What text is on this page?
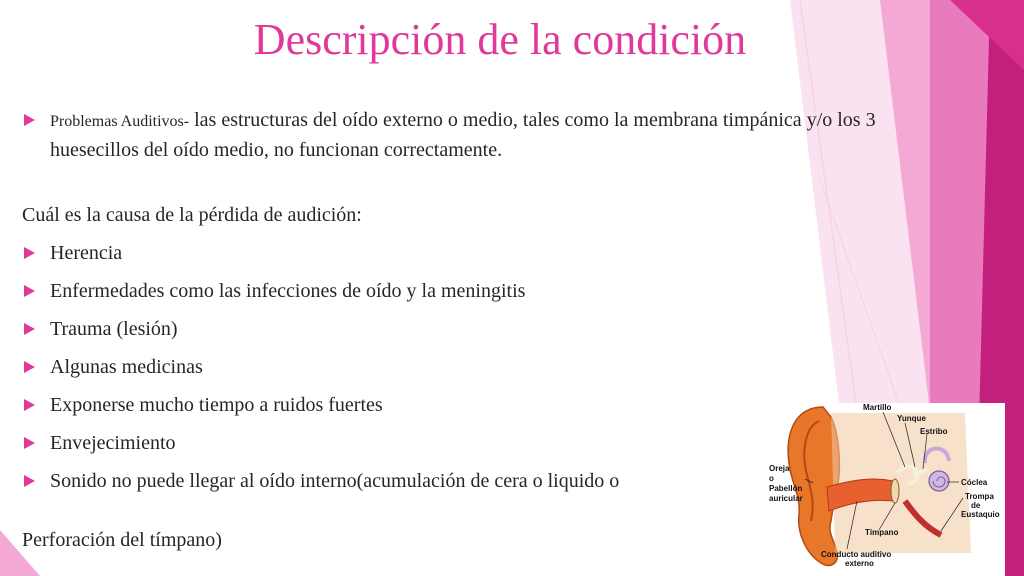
Descripción de la condición
Problemas Auditivos- las estructuras del oído externo o medio, tales como la membrana timpánica y/o los 3 huesecillos del oído medio, no funcionan correctamente.
Cuál es la causa de la pérdida de audición:
Herencia
Enfermedades como las infecciones de oído y la meningitis
Trauma (lesión)
Algunas medicinas
Exponerse mucho tiempo a ruidos fuertes
Envejecimiento
Sonido no puede llegar al oído interno(acumulación de cera o liquido o
Perforación del tímpano)
Martillo
Yunque
Estribo
Oreja
o
Pabellón
auricular
Cóclea
Trompa
de
Eustaquio
Tímpano
Conducto auditivo
externo
